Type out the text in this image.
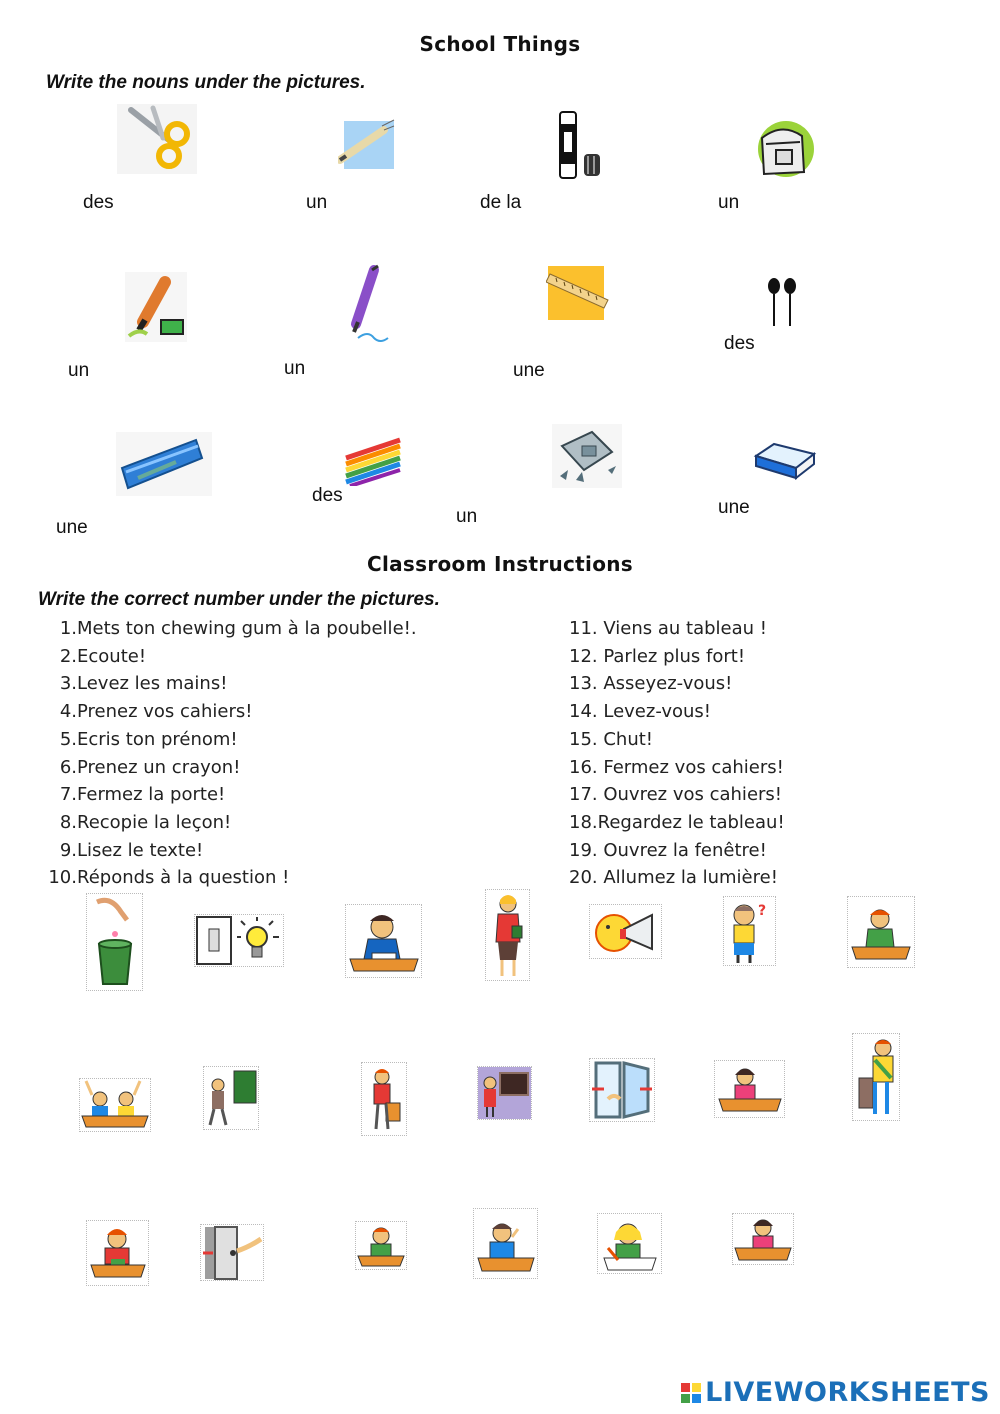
School Things
Write the nouns under the pictures.
des	un	de la	un
un	un	une
des
une
des
un	une
Classroom Instructions
Write the correct number under the pictures.
1. Mets ton chewing gum à la poubelle!.
2. Ecoute!
3. Levez les mains!
4. Prenez vos cahiers!
5. Ecris ton prénom!
6. Prenez un crayon!
7. Fermez la porte!
8. Recopie la leçon!
9. Lisez le texte!
10. Réponds à la question !
11. Viens au tableau !
12. Parlez plus fort!
13. Asseyez-vous!
14. Levez-vous!
15. Chut!
16. Fermez vos cahiers!
17. Ouvrez vos cahiers!
18. Regardez le tableau!
19. Ouvrez la fenêtre!
20. Allumez la lumière!
?
LIVEWORKSHEETS
